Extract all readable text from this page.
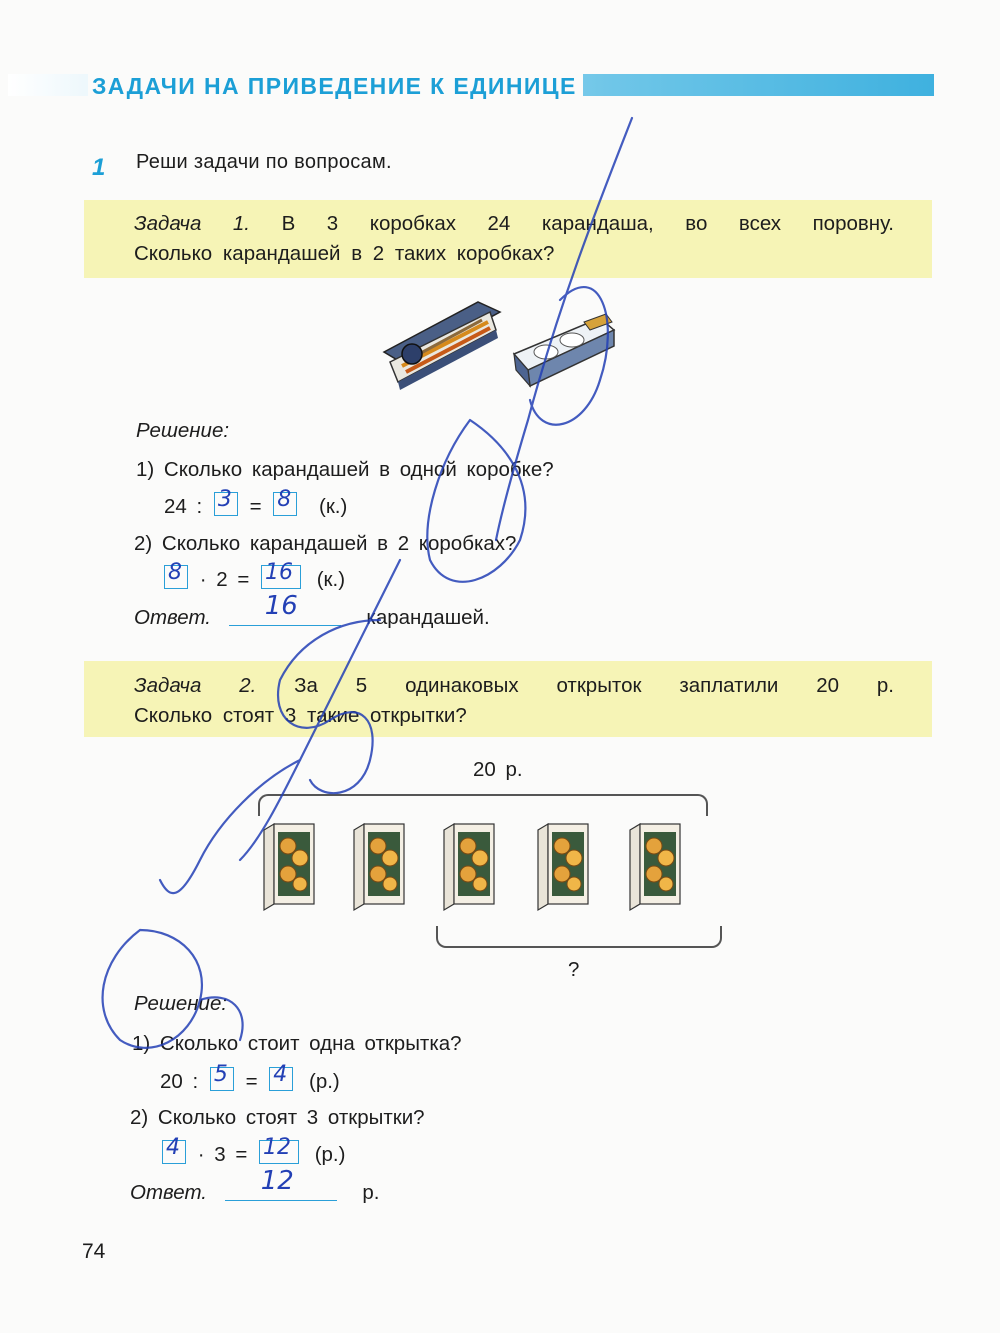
ЗАДАЧИ НА ПРИВЕДЕНИЕ К ЕДИНИЦЕ
1 Реши задачи по вопросам.
Задача 1. В 3 коробках 24 карандаша, во всех поровну.
Сколько карандашей в 2 таких коробках?
Решение:
1) Сколько карандашей в одной коробке?
24 : 3 = 8 (к.)
2) Сколько карандашей в 2 коробках?
8 · 2 = 16 (к.)
Ответ. 16	карандашей.
Задача 2. За 5 одинаковых открыток заплатили 20 р.
Сколько стоят 3 такие открытки?
20 р.
?
Решение:
1) Сколько стоит одна открытка?
20 : 5 = 4 (р.)
2) Сколько стоят 3 открытки?
4 · 3 = 12 (р.)
Ответ. 12	р.
74
